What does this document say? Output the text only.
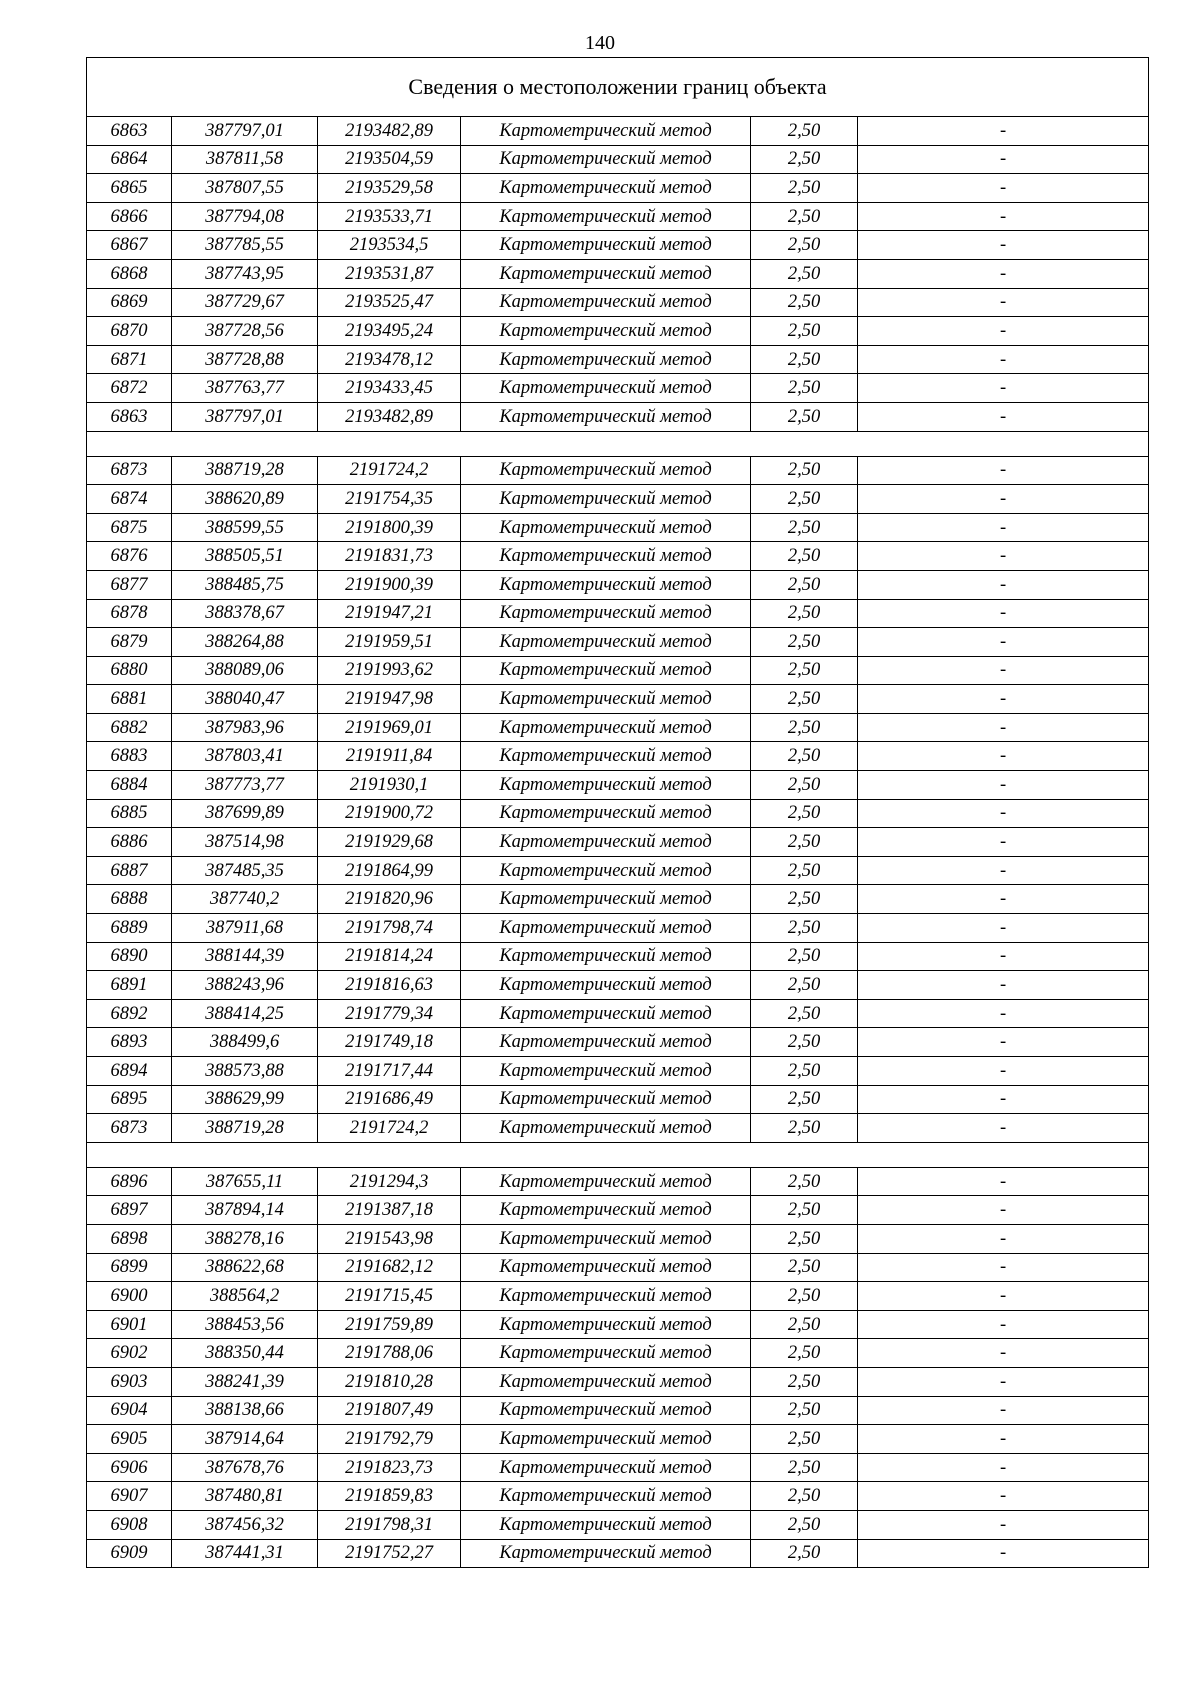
140
Сведения о местоположении границ объекта					
6863	387797,01	2193482,89	Картометрический метод	2,50	-
6864	387811,58	2193504,59	Картометрический метод	2,50	-
6865	387807,55	2193529,58	Картометрический метод	2,50	-
6866	387794,08	2193533,71	Картометрический метод	2,50	-
6867	387785,55	2193534,5	Картометрический метод	2,50	-
6868	387743,95	2193531,87	Картометрический метод	2,50	-
6869	387729,67	2193525,47	Картометрический метод	2,50	-
6870	387728,56	2193495,24	Картометрический метод	2,50	-
6871	387728,88	2193478,12	Картометрический метод	2,50	-
6872	387763,77	2193433,45	Картометрический метод	2,50	-
6863	387797,01	2193482,89	Картометрический метод	2,50	-

6873	388719,28	2191724,2	Картометрический метод	2,50	-
6874	388620,89	2191754,35	Картометрический метод	2,50	-
6875	388599,55	2191800,39	Картометрический метод	2,50	-
6876	388505,51	2191831,73	Картометрический метод	2,50	-
6877	388485,75	2191900,39	Картометрический метод	2,50	-
6878	388378,67	2191947,21	Картометрический метод	2,50	-
6879	388264,88	2191959,51	Картометрический метод	2,50	-
6880	388089,06	2191993,62	Картометрический метод	2,50	-
6881	388040,47	2191947,98	Картометрический метод	2,50	-
6882	387983,96	2191969,01	Картометрический метод	2,50	-
6883	387803,41	2191911,84	Картометрический метод	2,50	-
6884	387773,77	2191930,1	Картометрический метод	2,50	-
6885	387699,89	2191900,72	Картометрический метод	2,50	-
6886	387514,98	2191929,68	Картометрический метод	2,50	-
6887	387485,35	2191864,99	Картометрический метод	2,50	-
6888	387740,2	2191820,96	Картометрический метод	2,50	-
6889	387911,68	2191798,74	Картометрический метод	2,50	-
6890	388144,39	2191814,24	Картометрический метод	2,50	-
6891	388243,96	2191816,63	Картометрический метод	2,50	-
6892	388414,25	2191779,34	Картометрический метод	2,50	-
6893	388499,6	2191749,18	Картометрический метод	2,50	-
6894	388573,88	2191717,44	Картометрический метод	2,50	-
6895	388629,99	2191686,49	Картометрический метод	2,50	-
6873	388719,28	2191724,2	Картометрический метод	2,50	-

6896	387655,11	2191294,3	Картометрический метод	2,50	-
6897	387894,14	2191387,18	Картометрический метод	2,50	-
6898	388278,16	2191543,98	Картометрический метод	2,50	-
6899	388622,68	2191682,12	Картометрический метод	2,50	-
6900	388564,2	2191715,45	Картометрический метод	2,50	-
6901	388453,56	2191759,89	Картометрический метод	2,50	-
6902	388350,44	2191788,06	Картометрический метод	2,50	-
6903	388241,39	2191810,28	Картометрический метод	2,50	-
6904	388138,66	2191807,49	Картометрический метод	2,50	-
6905	387914,64	2191792,79	Картометрический метод	2,50	-
6906	387678,76	2191823,73	Картометрический метод	2,50	-
6907	387480,81	2191859,83	Картометрический метод	2,50	-
6908	387456,32	2191798,31	Картометрический метод	2,50	-
6909	387441,31	2191752,27	Картометрический метод	2,50	-
